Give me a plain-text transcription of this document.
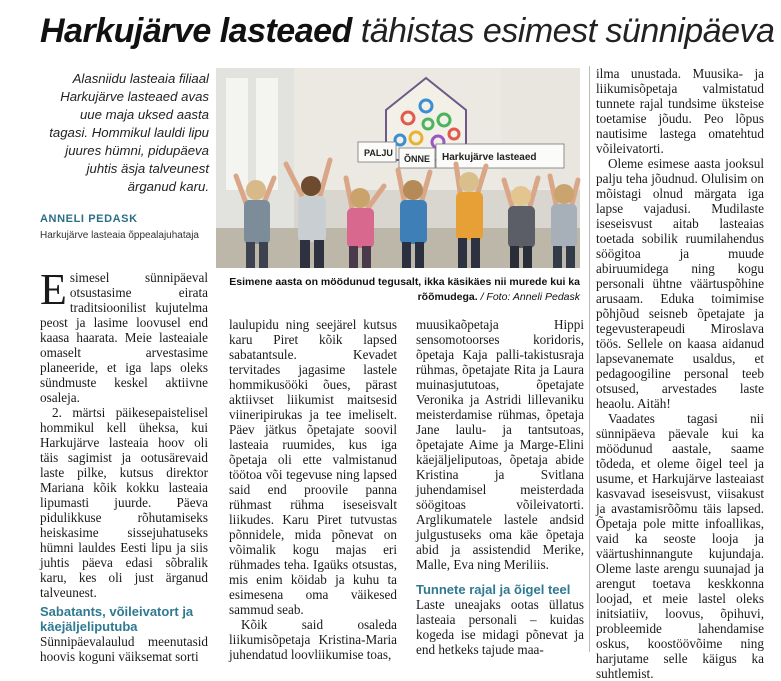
Harkujärve lasteaed tähistas esimest sünnipäeva
Alasniidu lasteaia filiaal Harkujärve lasteaed avas uue maja uksed aasta tagasi. Hommikul lauldi lipu juures hümni, pidupäeva juhtis äsja talveunest ärganud karu.
ANNELI PEDASK
Harkujärve lasteaia õppealajuhataja
PALJU
ÕNNE Harkujärve lasteaed
Esimene aasta on möödunud tegusalt, ikka käsikäes nii murede kui ka rõõmudega. / Foto: Anneli Pedask

Esimesel sünnipäeval otsustasime eirata traditsioonilist kujutelma peost ja lasime loovusel end kaasa haarata. Meie lasteaiale omaselt arvestasime planeeride, et iga laps oleks sündmuste keskel aktiivne osaleja.

2. märtsi päikesepaistelisel hommikul kell üheksa, kui Harkujärve lasteaia hoov oli täis sagimist ja ootusärevaid laste pilke, kutsus direktor Mariana kõik kokku lasteaia lipumasti juurde. Päeva pidulikkuse rõhutamiseks heiskasime sissejuhatuseks hümni lauldes Eesti lipu ja siis juhtis päeva edasi sõbralik karu, kes oli just ärganud talveunest.

Sabatants, võileivatort ja käejäljeliputuba

Sünnipäevalaulud meenutasid hoovis koguni väiksemat sorti

laulupidu ning seejärel kutsus karu Piret kõik lapsed sabatantsule. Kevadet tervitades jagasime lastele hommikusööki õues, pärast aktiivset liikumist maitsesid viineripirukas ja tee imeliselt. Päev jätkus õpetajate soovil lasteaia ruumides, kus iga õpetaja oli ette valmistanud töötoa või tegevuse ning lapsed said end proovile panna rühmast rühma iseseisvalt liikudes. Karu Piret tutvustas põnnidele, mida põnevat on võimalik kogu majas eri rühmades teha. Igaüks otsustas, mis enim köidab ja kuhu ta esimesena oma väikesed sammud seab.

Kõik said osaleda liikumisõpetaja Kristina-Maria juhendatud loovliikumise toas,

muusikaõpetaja Hippi sensomotoorses koridoris, õpetaja Kaja palli-takistusraja rühmas, õpetajate Rita ja Laura muinasjututoas, õpetajate Veronika ja Astridi lillevaniku meisterdamise rühmas, õpetaja Jane laulu- ja tantsutoas, õpetajate Aime ja Marge-Elini käejäljeliputoas, õpetaja abide Kristina ja Svitlana juhendamisel meisterdada söögitoas võileivatorti. Arglikumatele lastele andsid julgustuseks oma käe õpetaja abid ja assistendid Merike, Malle, Eva ning Meriliis.

Tunnete rajal ja õigel teel

Laste uneajaks ootas üllatus lasteaia personali – kuidas kogeda ise midagi põnevat ja end hetkeks tajude maa-

ilma unustada. Muusika- ja liikumisõpetaja valmistatud tunnete rajal tundsime üksteise toetamise jõudu. Peo lõpus nautisime lastega omatehtud võileivatorti.

Oleme esimese aasta jooksul palju teha jõudnud. Olulisim on mõistagi olnud märgata iga lapse vajadusi. Mudilaste iseseisvust aitab lasteaias toetada sobilik ruumilahendus söögitoa ja muude abiruumidega ning kogu personali ühtne väärtuspõhine arusaam. Eduka toimimise põhjõud seisneb õpetajate ja tegevusterapeudi Miroslava töös. Sellele on kaasa aidanud lapsevanemate usaldus, et pedagoogiline personal teeb otsused, arvestades laste heaolu. Aitäh!

Vaadates tagasi nii sünnipäeva päevale kui ka möödunud aastale, saame tõdeda, et oleme õigel teel ja usume, et Harkujärve lasteaiast kasvavad iseseisvust, viisakust ja avastamisrõõmu täis lapsed. Õpetaja pole mitte infoallikas, vaid ka seoste looja ja väärtushinnangute kujundaja. Oleme laste arengu suunajad ja arengut toetava keskkonna loojad, et meie lastel oleks initsiatiiv, loovus, õpihuvi, probleemide lahendamise oskus, koostöövõime ning harjutame selle käigus ka suhtlemist.
